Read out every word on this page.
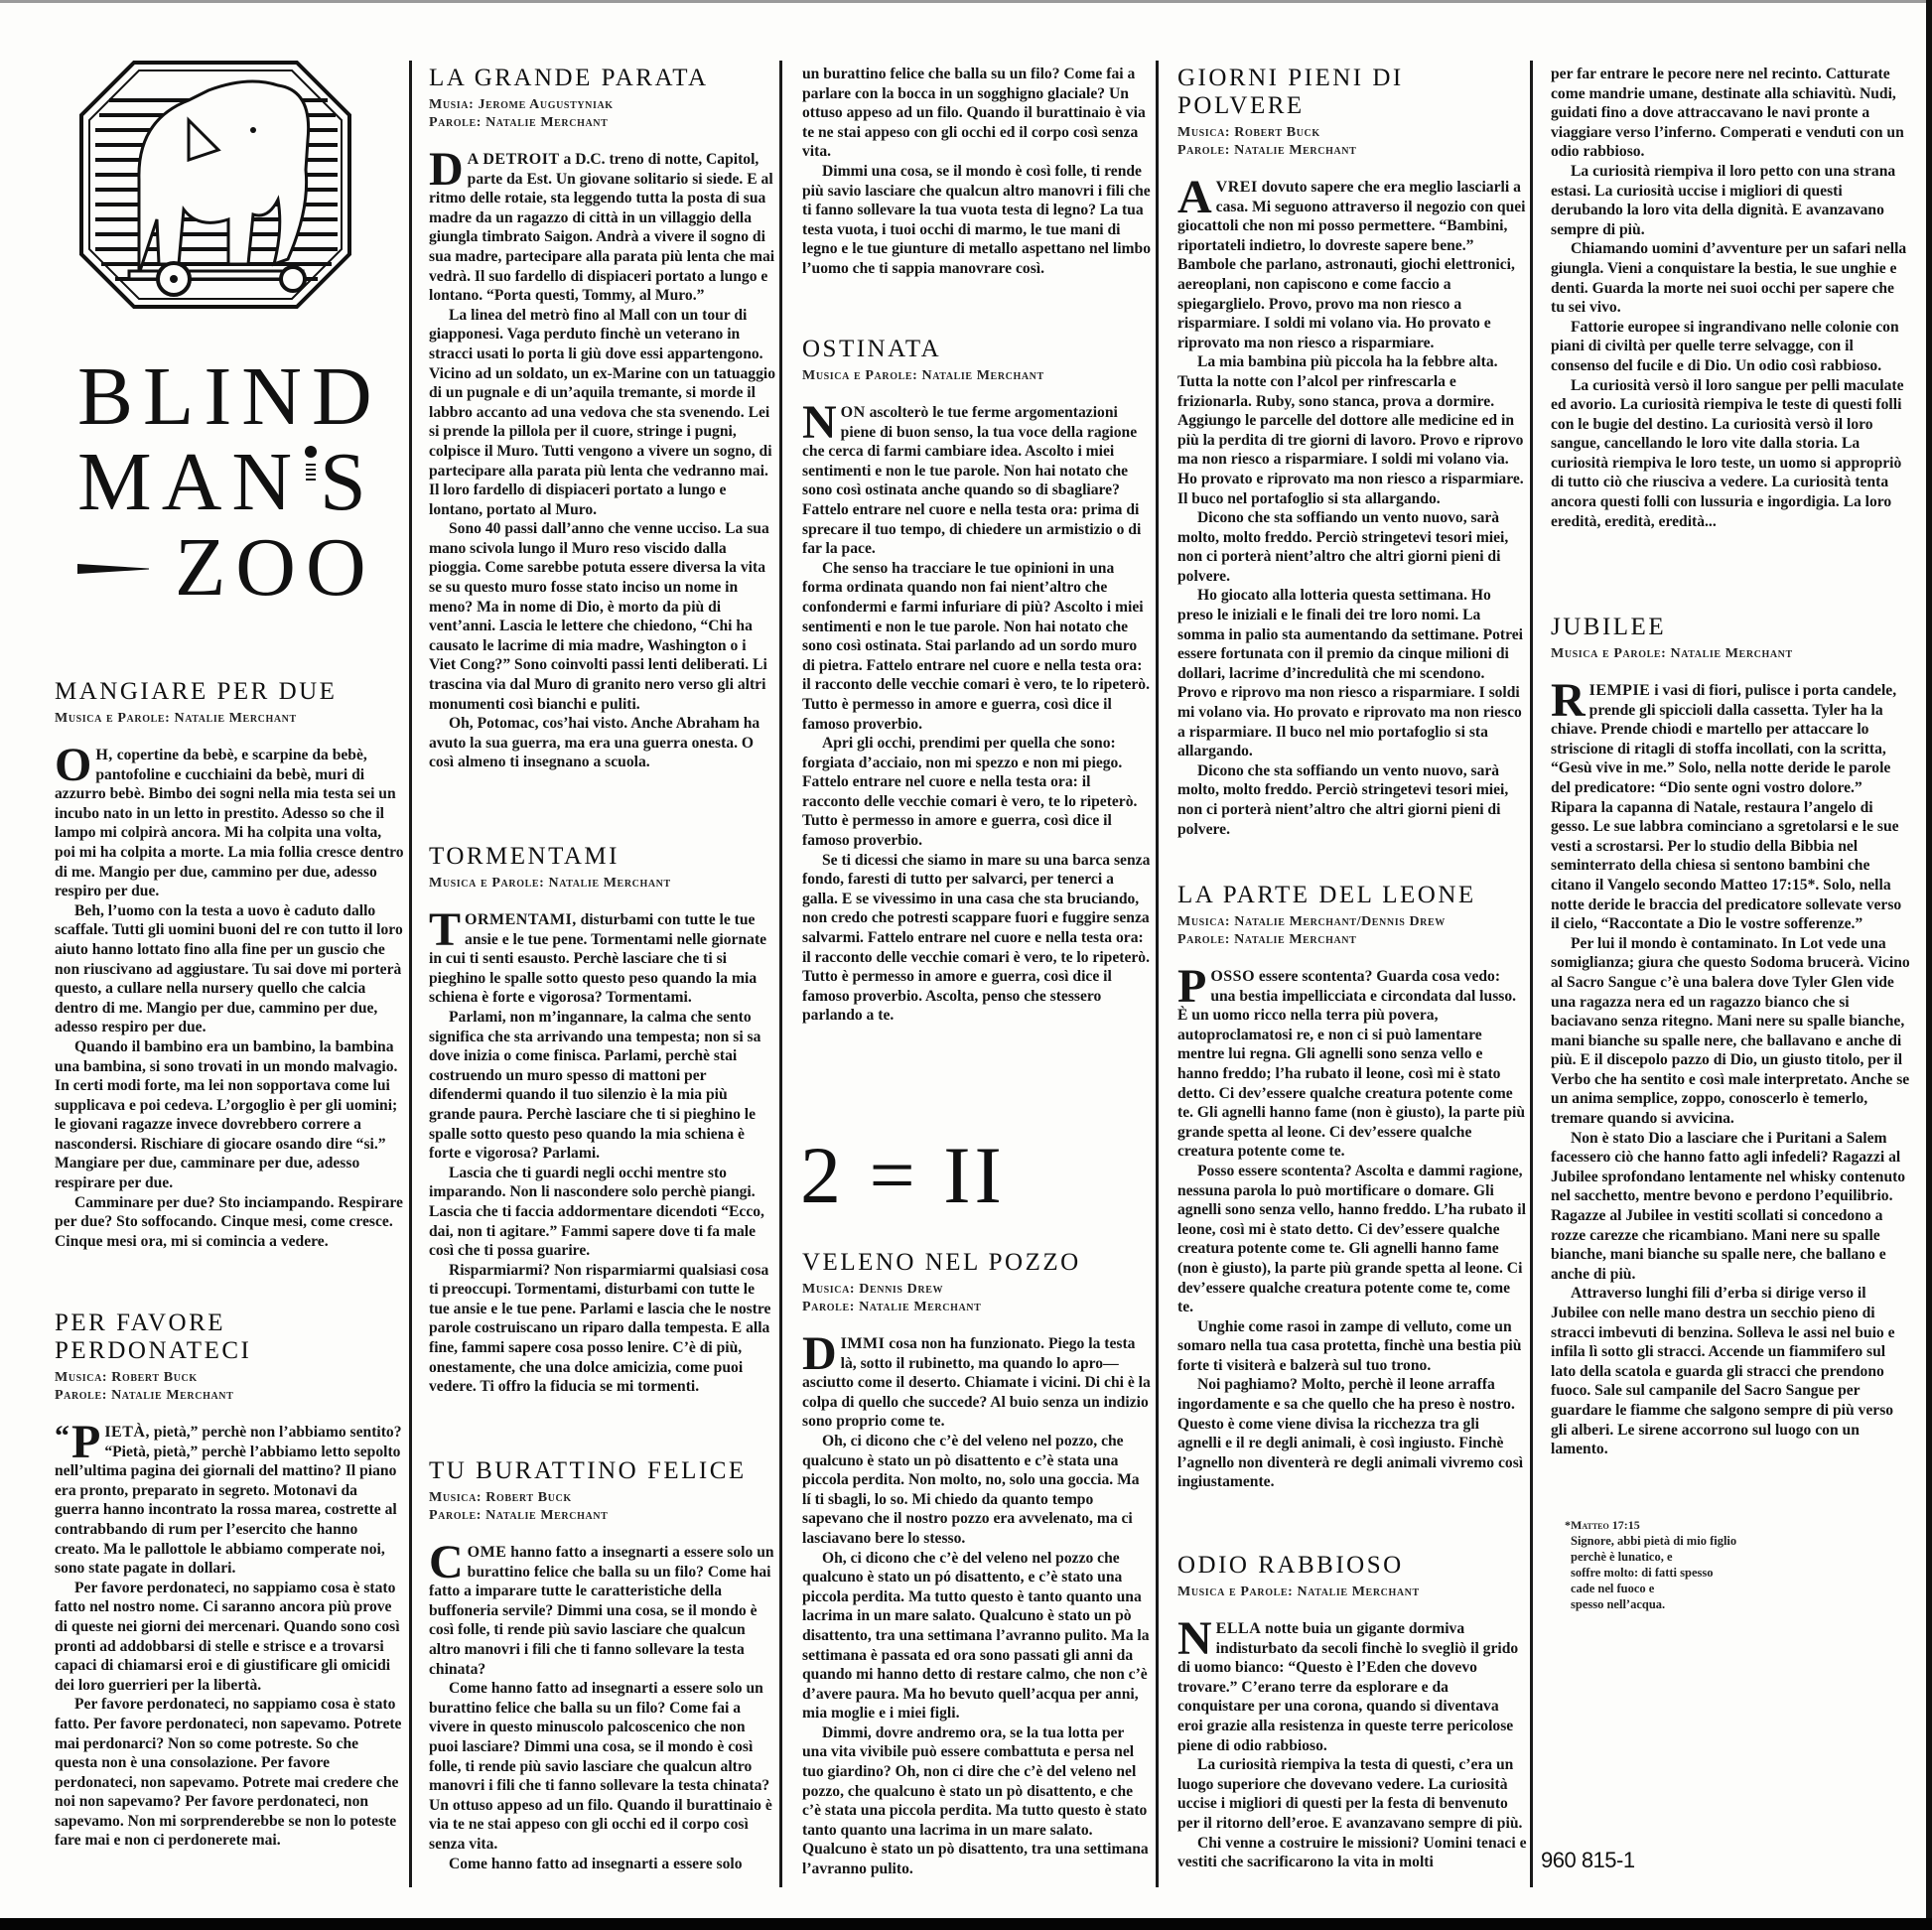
BLIND
MAN S
ZOO
MANGIARE PER DUE
Musica e Parole: Natalie Merchant

O H, copertine da bebè, e scarpine da bebè, pantofoline e cucchiaini da bebè, muri di azzurro bebè. Bimbo dei sogni nella mia testa sei un incubo nato in un letto in prestito. Adesso so che il lampo mi colpirà ancora. Mi ha colpita una volta, poi mi ha colpita a morte. La mia follia cresce dentro di me. Mangio per due, cammino per due, adesso respiro per due.

Beh, l’uomo con la testa a uovo è caduto dallo scaffale. Tutti gli uomini buoni del re con tutto il loro aiuto hanno lottato fino alla fine per un guscio che non riuscivano ad aggiustare. Tu sai dove mi porterà questo, a cullare nella nursery quello che calcia dentro di me. Mangio per due, cammino per due, adesso respiro per due.

Quando il bambino era un bambino, la bambina una bambina, si sono trovati in un mondo malvagio. In certi modi forte, ma lei non sopportava come lui supplicava e poi cedeva. L’orgoglio è per gli uomini; le giovani ragazze invece dovrebbero correre a nascondersi. Rischiare di giocare osando dire “si.” Mangiare per due, camminare per due, adesso respirare per due.

Camminare per due? Sto inciampando. Respirare per due? Sto soffocando. Cinque mesi, come cresce. Cinque mesi ora, mi si comincia a vedere.

PER FAVORE PERDONATECI
Musica: Robert Buck
Parole: Natalie Merchant

“ P IETÀ, pietà,” perchè non l’abbiamo sentito? “Pietà, pietà,” perchè l’abbiamo letto sepolto nell’ultima pagina dei giornali del mattino? Il piano era pronto, preparato in segreto. Motonavi da guerra hanno incontrato la rossa marea, costrette al contrabbando di rum per l’esercito che hanno creato. Ma le pallottole le abbiamo comperate noi, sono state pagate in dollari.

Per favore perdonateci, no sappiamo cosa è stato fatto nel nostro nome. Ci saranno ancora più prove di queste nei giorni dei mercenari. Quando sono così pronti ad addobbarsi di stelle e strisce e a trovarsi capaci di chiamarsi eroi e di giustificare gli omicidi dei loro guerrieri per la libertà.

Per favore perdonateci, no sappiamo cosa è stato fatto. Per favore perdonateci, non sapevamo. Potrete mai perdonarci? Non so come potreste. So che questa non è una consolazione. Per favore perdonateci, non sapevamo. Potrete mai credere che noi non sapevamo? Per favore perdonateci, non sapevamo. Non mi sorprenderebbe se non lo poteste fare mai e non ci perdonerete mai.

LA GRANDE PARATA
Musia: Jerome Augustyniak
Parole: Natalie Merchant

D A DETROIT a D.C. treno di notte, Capitol, parte da Est. Un giovane solitario si siede. E al ritmo delle rotaie, sta leggendo tutta la posta di sua madre da un ragazzo di città in un villaggio della giungla timbrato Saigon. Andrà a vivere il sogno di sua madre, partecipare alla parata più lenta che mai vedrà. Il suo fardello di dispiaceri portato a lungo e lontano. “Porta questi, Tommy, al Muro.”

La linea del metrò fino al Mall con un tour di giapponesi. Vaga perduto finchè un veterano in stracci usati lo porta li giù dove essi appartengono. Vicino ad un soldato, un ex-Marine con un tatuaggio di un pugnale e di un’aquila tremante, si morde il labbro accanto ad una vedova che sta svenendo. Lei si prende la pillola per il cuore, stringe i pugni, colpisce il Muro. Tutti vengono a vivere un sogno, di partecipare alla parata più lenta che vedranno mai. Il loro fardello di dispiaceri portato a lungo e lontano, portato al Muro.

Sono 40 passi dall’anno che venne ucciso. La sua mano scivola lungo il Muro reso viscido dalla pioggia. Come sarebbe potuta essere diversa la vita se su questo muro fosse stato inciso un nome in meno? Ma in nome di Dio, è morto da più di vent’anni. Lascia le lettere che chiedono, “Chi ha causato le lacrime di mia madre, Washington o i Viet Cong?” Sono coinvolti passi lenti deliberati. Li trascina via dal Muro di granito nero verso gli altri monumenti così bianchi e puliti.

Oh, Potomac, cos’hai visto. Anche Abraham ha avuto la sua guerra, ma era una guerra onesta. O così almeno ti insegnano a scuola.

TORMENTAMI
Musica e Parole: Natalie Merchant

TORMENTAMI, disturbami con tutte le tue ansie e le tue pene. Tormentami nelle giornate in cui ti senti esausto. Perchè lasciare che ti si pieghino le spalle sotto questo peso quando la mia schiena è forte e vigorosa? Tormentami.

Parlami, non m’ingannare, la calma che sento significa che sta arrivando una tempesta; non si sa dove inizia o come finisca. Parlami, perchè stai costruendo un muro spesso di mattoni per difendermi quando il tuo silenzio è la mia più grande paura. Perchè lasciare che ti si pieghino le spalle sotto questo peso quando la mia schiena è forte e vigorosa? Parlami.

Lascia che ti guardi negli occhi mentre sto imparando. Non li nascondere solo perchè piangi. Lascia che ti faccia addormentare dicendoti “Ecco, dai, non ti agitare.” Fammi sapere dove ti fa male così che ti possa guarire.

Risparmiarmi? Non risparmiarmi qualsiasi cosa ti preoccupi. Tormentami, disturbami con tutte le tue ansie e le tue pene. Parlami e lascia che le nostre parole costruiscano un riparo dalla tempesta. E alla fine, fammi sapere cosa posso lenire. C’è di più, onestamente, che una dolce amicizia, come puoi vedere. Ti offro la fiducia se mi tormenti.

TU BURATTINO FELICE
Musica: Robert Buck
Parole: Natalie Merchant

COME hanno fatto a insegnarti a essere solo un burattino felice che balla su un filo? Come hai fatto a imparare tutte le caratteristiche della buffoneria servile? Dimmi una cosa, se il mondo è così folle, ti rende più savio lasciare che qualcun altro manovri i fili che ti fanno sollevare la testa chinata?

Come hanno fatto ad insegnarti a essere solo un burattino felice che balla su un filo? Come fai a vivere in questo minuscolo palcoscenico che non puoi lasciare? Dimmi una cosa, se il mondo è così folle, ti rende più savio lasciare che qualcun altro manovri i fili che ti fanno sollevare la testa chinata? Un ottuso appeso ad un filo. Quando il burattinaio è via te ne stai appeso con gli occhi ed il corpo così senza vita.

Come hanno fatto ad insegnarti a essere solo

un burattino felice che balla su un filo? Come fai a parlare con la bocca in un sogghigno glaciale? Un ottuso appeso ad un filo. Quando il burattinaio è via te ne stai appeso con gli occhi ed il corpo così senza vita.

Dimmi una cosa, se il mondo è così folle, ti rende più savio lasciare che qualcun altro manovri i fili che ti fanno sollevare la tua vuota testa di legno? La tua testa vuota, i tuoi occhi di marmo, le tue mani di legno e le tue giunture di metallo aspettano nel limbo l’uomo che ti sappia manovrare così.

OSTINATA
Musica e Parole: Natalie Merchant

NON ascolterò le tue ferme argomentazioni piene di buon senso, la tua voce della ragione che cerca di farmi cambiare idea. Ascolto i miei sentimenti e non le tue parole. Non hai notato che sono così ostinata anche quando so di sbagliare? Fattelo entrare nel cuore e nella testa ora: prima di sprecare il tuo tempo, di chiedere un armistizio o di far la pace.

Che senso ha tracciare le tue opinioni in una forma ordinata quando non fai nient’altro che confondermi e farmi infuriare di più? Ascolto i miei sentimenti e non le tue parole. Non hai notato che sono così ostinata. Stai parlando ad un sordo muro di pietra. Fattelo entrare nel cuore e nella testa ora: il racconto delle vecchie comari è vero, te lo ripeterò. Tutto è permesso in amore e guerra, così dice il famoso proverbio.

Apri gli occhi, prendimi per quella che sono: forgiata d’acciaio, non mi spezzo e non mi piego. Fattelo entrare nel cuore e nella testa ora: il racconto delle vecchie comari è vero, te lo ripeterò. Tutto è permesso in amore e guerra, così dice il famoso proverbio.

Se ti dicessi che siamo in mare su una barca senza fondo, faresti di tutto per salvarci, per tenerci a galla. E se vivessimo in una casa che sta bruciando, non credo che potresti scappare fuori e fuggire senza salvarmi. Fattelo entrare nel cuore e nella testa ora: il racconto delle vecchie comari è vero, te lo ripeterò. Tutto è permesso in amore e guerra, così dice il famoso proverbio. Ascolta, penso che stessero parlando a te.

2 = II
VELENO NEL POZZO
Musica: Dennis Drew
Parole: Natalie Merchant

DIMMI cosa non ha funzionato. Piego la testa là, sotto il rubinetto, ma quando lo apro—asciutto come il deserto. Chiamate i vicini. Di chi è la colpa di quello che succede? Al buio senza un indizio sono proprio come te.

Oh, ci dicono che c’è del veleno nel pozzo, che qualcuno è stato un pò disattento e c’è stata una piccola perdita. Non molto, no, solo una goccia. Ma lí ti sbagli, lo so. Mi chiedo da quanto tempo sapevano che il nostro pozzo era avvelenato, ma ci lasciavano bere lo stesso.

Oh, ci dicono che c’è del veleno nel pozzo che qualcuno è stato un pó disattento, e c’è stato una piccola perdita. Ma tutto questo è tanto quanto una lacrima in un mare salato. Qualcuno è stato un pò disattento, tra una settimana l’avranno pulito. Ma la settimana è passata ed ora sono passati gli anni da quando mi hanno detto di restare calmo, che non c’è d’avere paura. Ma ho bevuto quell’acqua per anni, mia moglie e i miei figli.

Dimmi, dovre andremo ora, se la tua lotta per una vita vivibile può essere combattuta e persa nel tuo giardino? Oh, non ci dire che c’è del veleno nel pozzo, che qualcuno è stato un pò disattento, e che c’è stata una piccola perdita. Ma tutto questo è stato tanto quanto una lacrima in un mare salato. Qualcuno è stato un pò disattento, tra una settimana l’avranno pulito.

GIORNI PIENI DI POLVERE
Musica: Robert Buck
Parole: Natalie Merchant

AVREI dovuto sapere che era meglio lasciarli a casa. Mi seguono attraverso il negozio con quei giocattoli che non mi posso permettere. “Bambini, riportateli indietro, lo dovreste sapere bene.” Bambole che parlano, astronauti, giochi elettronici, aereoplani, non capiscono e come faccio a spiegarglielo. Provo, provo ma non riesco a risparmiare. I soldi mi volano via. Ho provato e riprovato ma non riesco a risparmiare.

La mia bambina più piccola ha la febbre alta. Tutta la notte con l’alcol per rinfrescarla e frizionarla. Ruby, sono stanca, prova a dormire. Aggiungo le parcelle del dottore alle medicine ed in più la perdita di tre giorni di lavoro. Provo e riprovo ma non riesco a risparmiare. I soldi mi volano via. Ho provato e riprovato ma non riesco a risparmiare. Il buco nel portafoglio si sta allargando.

Dicono che sta soffiando un vento nuovo, sarà molto, molto freddo. Perciò stringetevi tesori miei, non ci porterà nient’altro che altri giorni pieni di polvere.

Ho giocato alla lotteria questa settimana. Ho preso le iniziali e le finali dei tre loro nomi. La somma in palio sta aumentando da settimane. Potrei essere fortunata con il premio da cinque milioni di dollari, lacrime d’incredulità che mi scendono. Provo e riprovo ma non riesco a risparmiare. I soldi mi volano via. Ho provato e riprovato ma non riesco a risparmiare. Il buco nel mio portafoglio si sta allargando.

Dicono che sta soffiando un vento nuovo, sarà molto, molto freddo. Perciò stringetevi tesori miei, non ci porterà nient’altro che altri giorni pieni di polvere.

LA PARTE DEL LEONE
Musica: Natalie Merchant/Dennis Drew
Parole: Natalie Merchant

POSSO essere scontenta? Guarda cosa vedo: una bestia impellicciata e circondata dal lusso. È un uomo ricco nella terra più povera, autoproclamatosi re, e non ci si può lamentare mentre lui regna. Gli agnelli sono senza vello e hanno freddo; l’ha rubato il leone, così mi è stato detto. Ci dev’essere qualche creatura potente come te. Gli agnelli hanno fame (non è giusto), la parte più grande spetta al leone. Ci dev’essere qualche creatura potente come te.

Posso essere scontenta? Ascolta e dammi ragione, nessuna parola lo può mortificare o domare. Gli agnelli sono senza vello, hanno freddo. L’ha rubato il leone, così mi è stato detto. Ci dev’essere qualche creatura potente come te. Gli agnelli hanno fame (non è giusto), la parte più grande spetta al leone. Ci dev’essere qualche creatura potente come te, come te.

Unghie come rasoi in zampe di velluto, come un somaro nella tua casa protetta, finchè una bestia più forte ti visiterà e balzerà sul tuo trono.

Noi paghiamo? Molto, perchè il leone arraffa ingordamente e sa che quello che ha preso è nostro. Questo è come viene divisa la ricchezza tra gli agnelli e il re degli animali, è così ingiusto. Finchè l’agnello non diventerà re degli animali vivremo così ingiustamente.

ODIO RABBIOSO
Musica e Parole: Natalie Merchant

NELLA notte buia un gigante dormiva indisturbato da secoli finchè lo svegliò il grido di uomo bianco: “Questo è l’Eden che dovevo trovare.” C’erano terre da esplorare e da conquistare per una corona, quando si diventava eroi grazie alla resistenza in queste terre pericolose piene di odio rabbioso.

La curiosità riempiva la testa di questi, c’era un luogo superiore che dovevano vedere. La curiosità uccise i migliori di questi per la festa di benvenuto per il ritorno dell’eroe. E avanzavano sempre di più.

Chi venne a costruire le missioni? Uomini tenaci e vestiti che sacrificarono la vita in molti

per far entrare le pecore nere nel recinto. Catturate come mandrie umane, destinate alla schiavitù. Nudi, guidati fino a dove attraccavano le navi pronte a viaggiare verso l’inferno. Comperati e venduti con un odio rabbioso.

La curiosità riempiva il loro petto con una strana estasi. La curiosità uccise i migliori di questi derubando la loro vita della dignità. E avanzavano sempre di più.

Chiamando uomini d’avventure per un safari nella giungla. Vieni a conquistare la bestia, le sue unghie e denti. Guarda la morte nei suoi occhi per sapere che tu sei vivo.

Fattorie europee si ingrandivano nelle colonie con piani di civiltà per quelle terre selvagge, con il consenso del fucile e di Dio. Un odio così rabbioso.

La curiosità versò il loro sangue per pelli maculate ed avorio. La curiosità riempiva le teste di questi folli con le bugie del destino. La curiosità versò il loro sangue, cancellando le loro vite dalla storia. La curiosità riempiva le loro teste, un uomo si appropriò di tutto ciò che riusciva a vedere. La curiosità tenta ancora questi folli con lussuria e ingordigia. La loro eredità, eredità, eredità...

JUBILEE
Musica e Parole: Natalie Merchant

RIEMPIE i vasi di fiori, pulisce i porta candele, prende gli spiccioli dalla cassetta. Tyler ha la chiave. Prende chiodi e martello per attaccare lo striscione di ritagli di stoffa incollati, con la scritta, “Gesù vive in me.” Solo, nella notte deride le parole del predicatore: “Dio sente ogni vostro dolore.” Ripara la capanna di Natale, restaura l’angelo di gesso. Le sue labbra cominciano a sgretolarsi e le sue vesti a scrostarsi. Per lo studio della Bibbia nel seminterrato della chiesa si sentono bambini che citano il Vangelo secondo Matteo 17:15*. Solo, nella notte deride le braccia del predicatore sollevate verso il cielo, “Raccontate a Dio le vostre sofferenze.”

Per lui il mondo è contaminato. In Lot vede una somiglianza; giura che questo Sodoma brucerà. Vicino al Sacro Sangue c’è una balera dove Tyler Glen vide una ragazza nera ed un ragazzo bianco che si baciavano senza ritegno. Mani nere su spalle bianche, mani bianche su spalle nere, che ballavano e anche di più. E il discepolo pazzo di Dio, un giusto titolo, per il Verbo che ha sentito e così male interpretato. Anche se un anima semplice, zoppo, conoscerlo è temerlo, tremare quando si avvicina.

Non è stato Dio a lasciare che i Puritani a Salem facessero ciò che hanno fatto agli infedeli? Ragazzi al Jubilee sprofondano lentamente nel whisky contenuto nel sacchetto, mentre bevono e perdono l’equilibrio. Ragazze al Jubilee in vestiti scollati si concedono a rozze carezze che ricambiano. Mani nere su spalle bianche, mani bianche su spalle nere, che ballano e anche di più.

Attraverso lunghi fili d’erba si dirige verso il Jubilee con nelle mano destra un secchio pieno di stracci imbevuti di benzina. Solleva le assi nel buio e infila lì sotto gli stracci. Accende un fiammifero sul lato della scatola e guarda gli stracci che prendono fuoco. Sale sul campanile del Sacro Sangue per guardare le fiamme che salgono sempre di più verso gli alberi. Le sirene accorrono sul luogo con un lamento.

*Matteo 17:15
Signore, abbi pietà di mio figlio
perchè è lunatico, e
soffre molto: di fatti spesso
cade nel fuoco e
spesso nell’acqua.
960 815-1
